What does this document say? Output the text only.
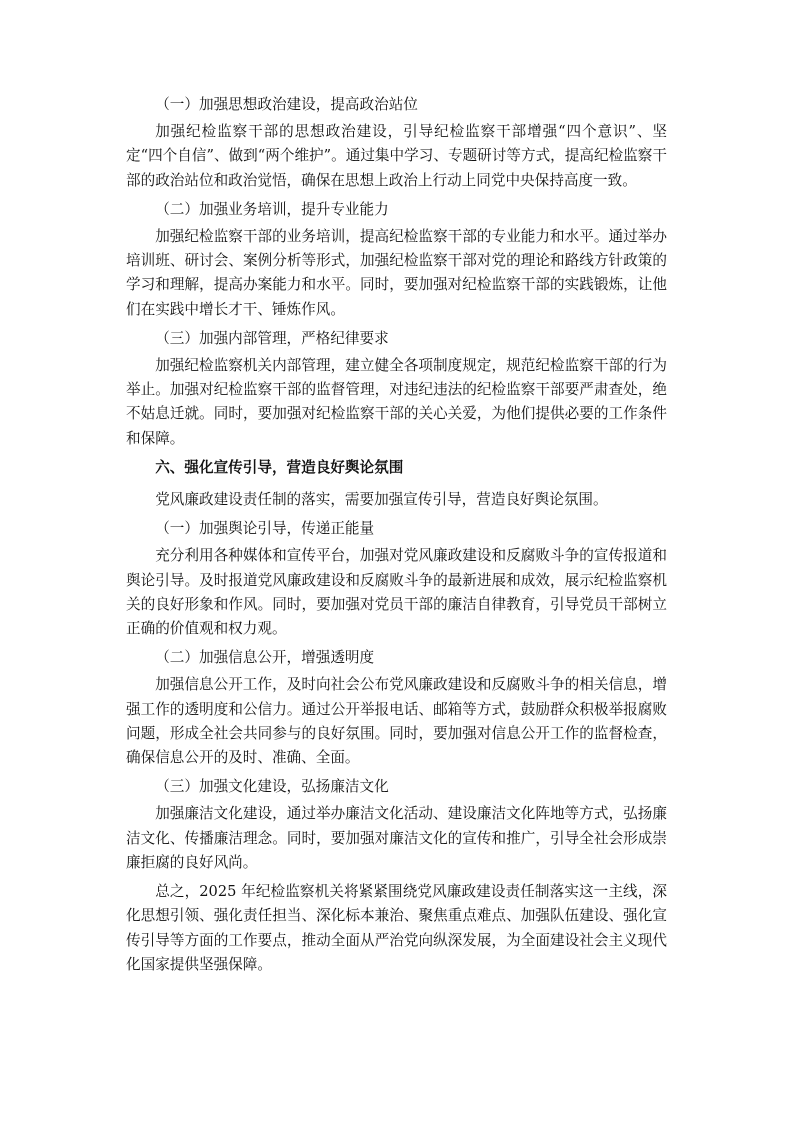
（一）加强思想政治建设，提高政治站位

加强纪检监察干部的思想政治建设，引导纪检监察干部增强“四个意识”、坚定“四个自信”、做到“两个维护”。通过集中学习、专题研讨等方式，提高纪检监察干部的政治站位和政治觉悟，确保在思想上政治上行动上同党中央保持高度一致。

（二）加强业务培训，提升专业能力

加强纪检监察干部的业务培训，提高纪检监察干部的专业能力和水平。通过举办培训班、研讨会、案例分析等形式，加强纪检监察干部对党的理论和路线方针政策的学习和理解，提高办案能力和水平。同时，要加强对纪检监察干部的实践锻炼，让他们在实践中增长才干、锤炼作风。

（三）加强内部管理，严格纪律要求

加强纪检监察机关内部管理，建立健全各项制度规定，规范纪检监察干部的行为举止。加强对纪检监察干部的监督管理，对违纪违法的纪检监察干部要严肃查处，绝不姑息迁就。同时，要加强对纪检监察干部的关心关爱，为他们提供必要的工作条件和保障。

六、强化宣传引导，营造良好舆论氛围

党风廉政建设责任制的落实，需要加强宣传引导，营造良好舆论氛围。

（一）加强舆论引导，传递正能量

充分利用各种媒体和宣传平台，加强对党风廉政建设和反腐败斗争的宣传报道和舆论引导。及时报道党风廉政建设和反腐败斗争的最新进展和成效，展示纪检监察机关的良好形象和作风。同时，要加强对党员干部的廉洁自律教育，引导党员干部树立正确的价值观和权力观。

（二）加强信息公开，增强透明度

加强信息公开工作，及时向社会公布党风廉政建设和反腐败斗争的相关信息，增强工作的透明度和公信力。通过公开举报电话、邮箱等方式，鼓励群众积极举报腐败问题，形成全社会共同参与的良好氛围。同时，要加强对信息公开工作的监督检查，确保信息公开的及时、准确、全面。

（三）加强文化建设，弘扬廉洁文化

加强廉洁文化建设，通过举办廉洁文化活动、建设廉洁文化阵地等方式，弘扬廉洁文化、传播廉洁理念。同时，要加强对廉洁文化的宣传和推广，引导全社会形成崇廉拒腐的良好风尚。

总之，2025 年纪检监察机关将紧紧围绕党风廉政建设责任制落实这一主线，深化思想引领、强化责任担当、深化标本兼治、聚焦重点难点、加强队伍建设、强化宣传引导等方面的工作要点，推动全面从严治党向纵深发展，为全面建设社会主义现代化国家提供坚强保障。
